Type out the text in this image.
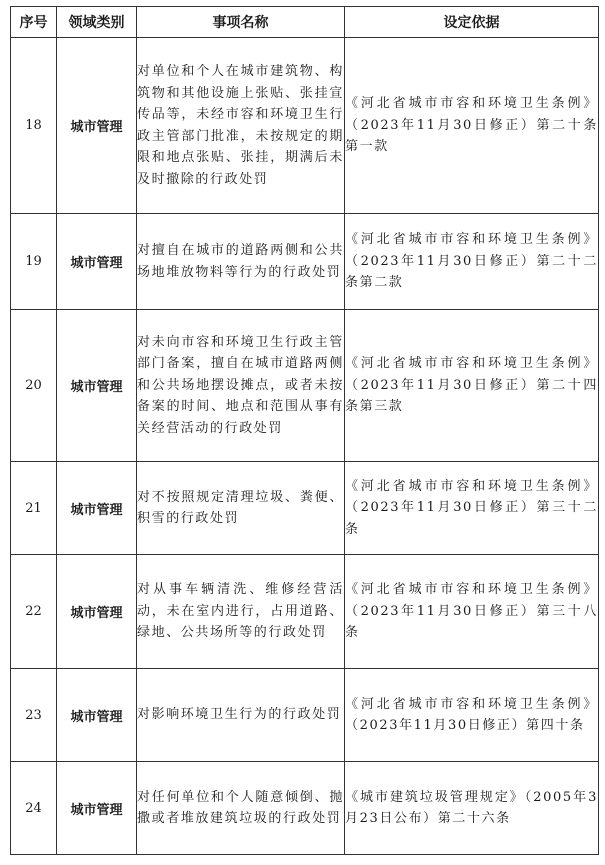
序号	领域类别	事项名称	设定依据
18	城市管理	对单位和个人在城市建筑物、构筑物和其他设施上张贴、张挂宣传品等，未经市容和环境卫生行政主管部门批准，未按规定的期限和地点张贴、张挂，期满后未及时撤除的行政处罚	《河北省城市市容和环境卫生条例》（2023年11月30日修正）第二十条第一款
19	城市管理	对擅自在城市的道路两侧和公共场地堆放物料等行为的行政处罚	《河北省城市市容和环境卫生条例》（2023年11月30日修正）第二十二条第二款
20	城市管理	对未向市容和环境卫生行政主管部门备案，擅自在城市道路两侧和公共场地摆设摊点，或者未按备案的时间、地点和范围从事有关经营活动的行政处罚	《河北省城市市容和环境卫生条例》（2023年11月30日修正）第二十四条第三款
21	城市管理	对不按照规定清理垃圾、粪便、积雪的行政处罚	《河北省城市市容和环境卫生条例》（2023年11月30日修正）第三十二条
22	城市管理	对从事车辆清洗、维修经营活动，未在室内进行，占用道路、绿地、公共场所等的行政处罚	《河北省城市市容和环境卫生条例》（2023年11月30日修正）第三十八条
23	城市管理	对影响环境卫生行为的行政处罚	《河北省城市市容和环境卫生条例》（2023年11月30日修正）第四十条
24	城市管理	对任何单位和个人随意倾倒、抛撒或者堆放建筑垃圾的行政处罚	《城市建筑垃圾管理规定》（2005年3月23日公布）第二十六条
